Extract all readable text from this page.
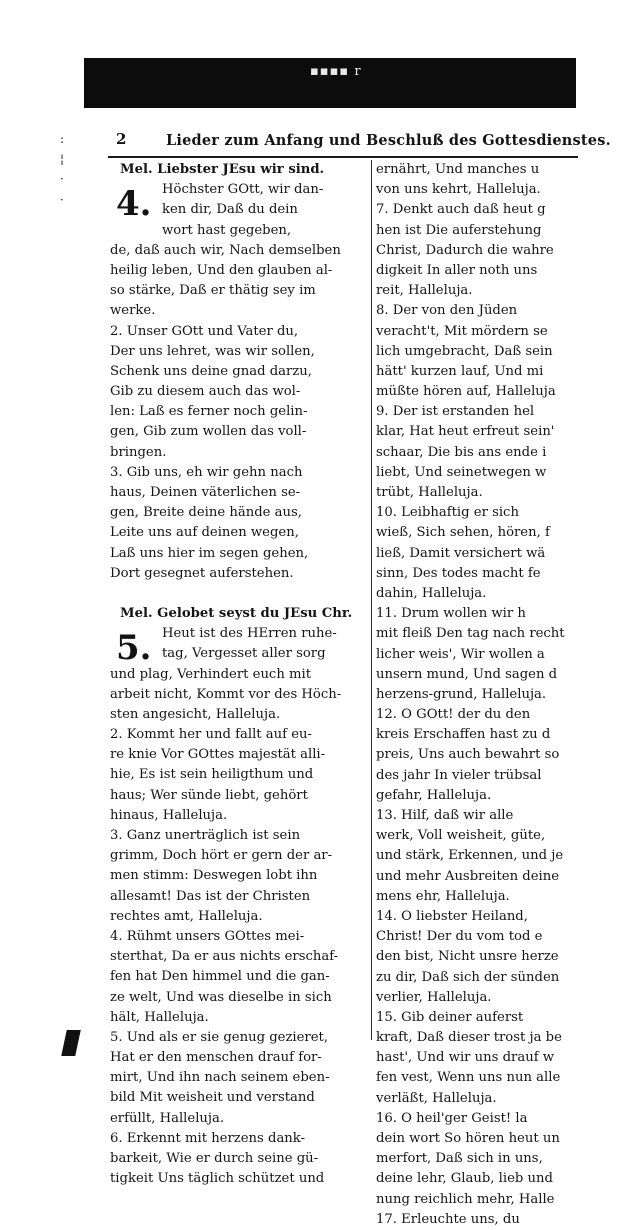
▪▪▪▪ r
:
¦
·
·
2	Lieder zum Anfang und Beschluß des Gottesdienstes.
Mel. Liebster JEsu wir sind.
4. Höchster GOtt, wir dan-
ken dir, Daß du dein
wort hast gegeben,
de, daß auch wir, Nach demselben
heilig leben, Und den glauben al-
so stärke, Daß er thätig sey im
werke.
2. Unser GOtt und Vater du,
Der uns lehret, was wir sollen,
Schenk uns deine gnad darzu,
Gib zu diesem auch das wol-
len: Laß es ferner noch gelin-
gen, Gib zum wollen das voll-
bringen.
3. Gib uns, eh wir gehn nach
haus, Deinen väterlichen se-
gen, Breite deine hände aus,
Leite uns auf deinen wegen,
Laß uns hier im segen gehen,
Dort gesegnet auferstehen.
Mel. Gelobet seyst du JEsu Chr.
5. Heut ist des HErren ruhe-
tag, Vergesset aller sorg
und plag, Verhindert euch mit
arbeit nicht, Kommt vor des Höch-
sten angesicht, Halleluja.
2. Kommt her und fallt auf eu-
re knie Vor GOttes majestät alli-
hie, Es ist sein heiligthum und
haus; Wer sünde liebt, gehört
hinaus, Halleluja.
3. Ganz unerträglich ist sein
grimm, Doch hört er gern der ar-
men stimm: Deswegen lobt ihn
allesamt! Das ist der Christen
rechtes amt, Halleluja.
4. Rühmt unsers GOttes mei-
sterthat, Da er aus nichts erschaf-
fen hat Den himmel und die gan-
ze welt, Und was dieselbe in sich
hält, Halleluja.
5. Und als er sie genug gezieret,
Hat er den menschen drauf for-
mirt, Und ihn nach seinem eben-
bild Mit weisheit und verstand
erfüllt, Halleluja.
6. Erkennt mit herzens dank-
barkeit, Wie er durch seine gü-
tigkeit Uns täglich schützet und
ernährt, Und manches u
von uns kehrt, Halleluja.
7. Denkt auch daß heut g
hen ist Die auferstehung
Christ, Dadurch die wahre
digkeit In aller noth uns
reit, Halleluja.
8. Der von den Jüden
veracht't, Mit mördern se
lich umgebracht, Daß sein
hätt' kurzen lauf, Und mi
müßte hören auf, Halleluja
9. Der ist erstanden hel
klar, Hat heut erfreut sein'
schaar, Die bis ans ende i
liebt, Und seinetwegen w
trübt, Halleluja.
10. Leibhaftig er sich
wieß, Sich sehen, hören, f
ließ, Damit versichert wä
sinn, Des todes macht fe
dahin, Halleluja.
11. Drum wollen wir h
mit fleiß Den tag nach recht
licher weis', Wir wollen a
unsern mund, Und sagen d
herzens-grund, Halleluja.
12. O GOtt! der du den
kreis Erschaffen hast zu d
preis, Uns auch bewahrt so
des jahr In vieler trübsal
gefahr, Halleluja.
13. Hilf, daß wir alle
werk, Voll weisheit, güte,
und stärk, Erkennen, und je
und mehr Ausbreiten deine
mens ehr, Halleluja.
14. O liebster Heiland,
Christ! Der du vom tod e
den bist, Nicht unsre herze
zu dir, Daß sich der sünden
verlier, Halleluja.
15. Gib deiner auferst
kraft, Daß dieser trost ja be
hast', Und wir uns drauf w
fen vest, Wenn uns nun alle
verläßt, Halleluja.
16. O heil'ger Geist! la
dein wort So hören heut un
merfort, Daß sich in uns,
deine lehr, Glaub, lieb und
nung reichlich mehr, Halle
17. Erleuchte uns, du
